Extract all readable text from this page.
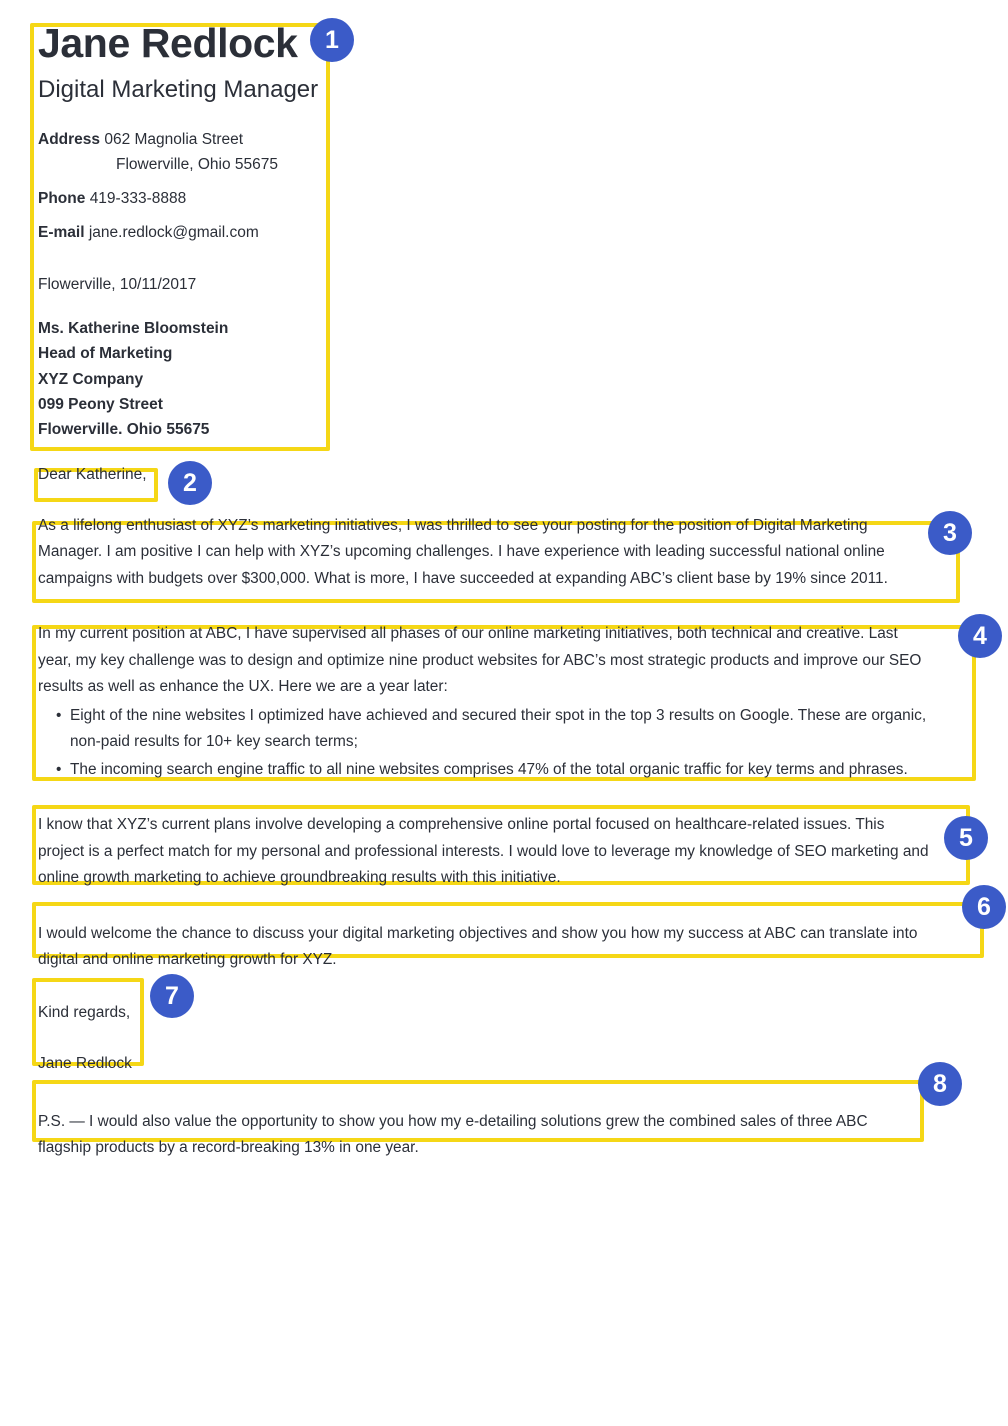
1
2
3
4
5
6
7
8
Jane Redlock
Digital Marketing Manager
Address 062 Magnolia Street
Flowerville, Ohio 55675
Phone 419-333-8888
E-mail jane.redlock@gmail.com
Flowerville, 10/11/2017
Ms. Katherine Bloomstein
Head of Marketing
XYZ Company
099 Peony Street
Flowerville. Ohio 55675
Dear Katherine,
As a lifelong enthusiast of XYZ’s marketing initiatives, I was thrilled to see your posting for the position of Digital Marketing Manager. I am positive I can help with XYZ’s upcoming challenges. I have experience with leading successful national online campaigns with budgets over $300,000. What is more, I have succeeded at expanding ABC’s client base by 19% since 2011.
In my current position at ABC, I have supervised all phases of our online marketing initiatives, both technical and creative. Last year, my key challenge was to design and optimize nine product websites for ABC’s most strategic products and improve our SEO results as well as enhance the UX. Here we are a year later:
• Eight of the nine websites I optimized have achieved and secured their spot in the top 3 results on Google. These are organic, non-paid results for 10+ key search terms;
• The incoming search engine traffic to all nine websites comprises 47% of the total organic traffic for key terms and phrases.
I know that XYZ’s current plans involve developing a comprehensive online portal focused on healthcare-related issues. This project is a perfect match for my personal and professional interests. I would love to leverage my knowledge of SEO marketing and online growth marketing to achieve groundbreaking results with this initiative.
I would welcome the chance to discuss your digital marketing objectives and show you how my success at ABC can translate into digital and online marketing growth for XYZ.
Kind regards,
Jane Redlock
P.S. — I would also value the opportunity to show you how my e-detailing solutions grew the combined sales of three ABC flagship products by a record-breaking 13% in one year.
